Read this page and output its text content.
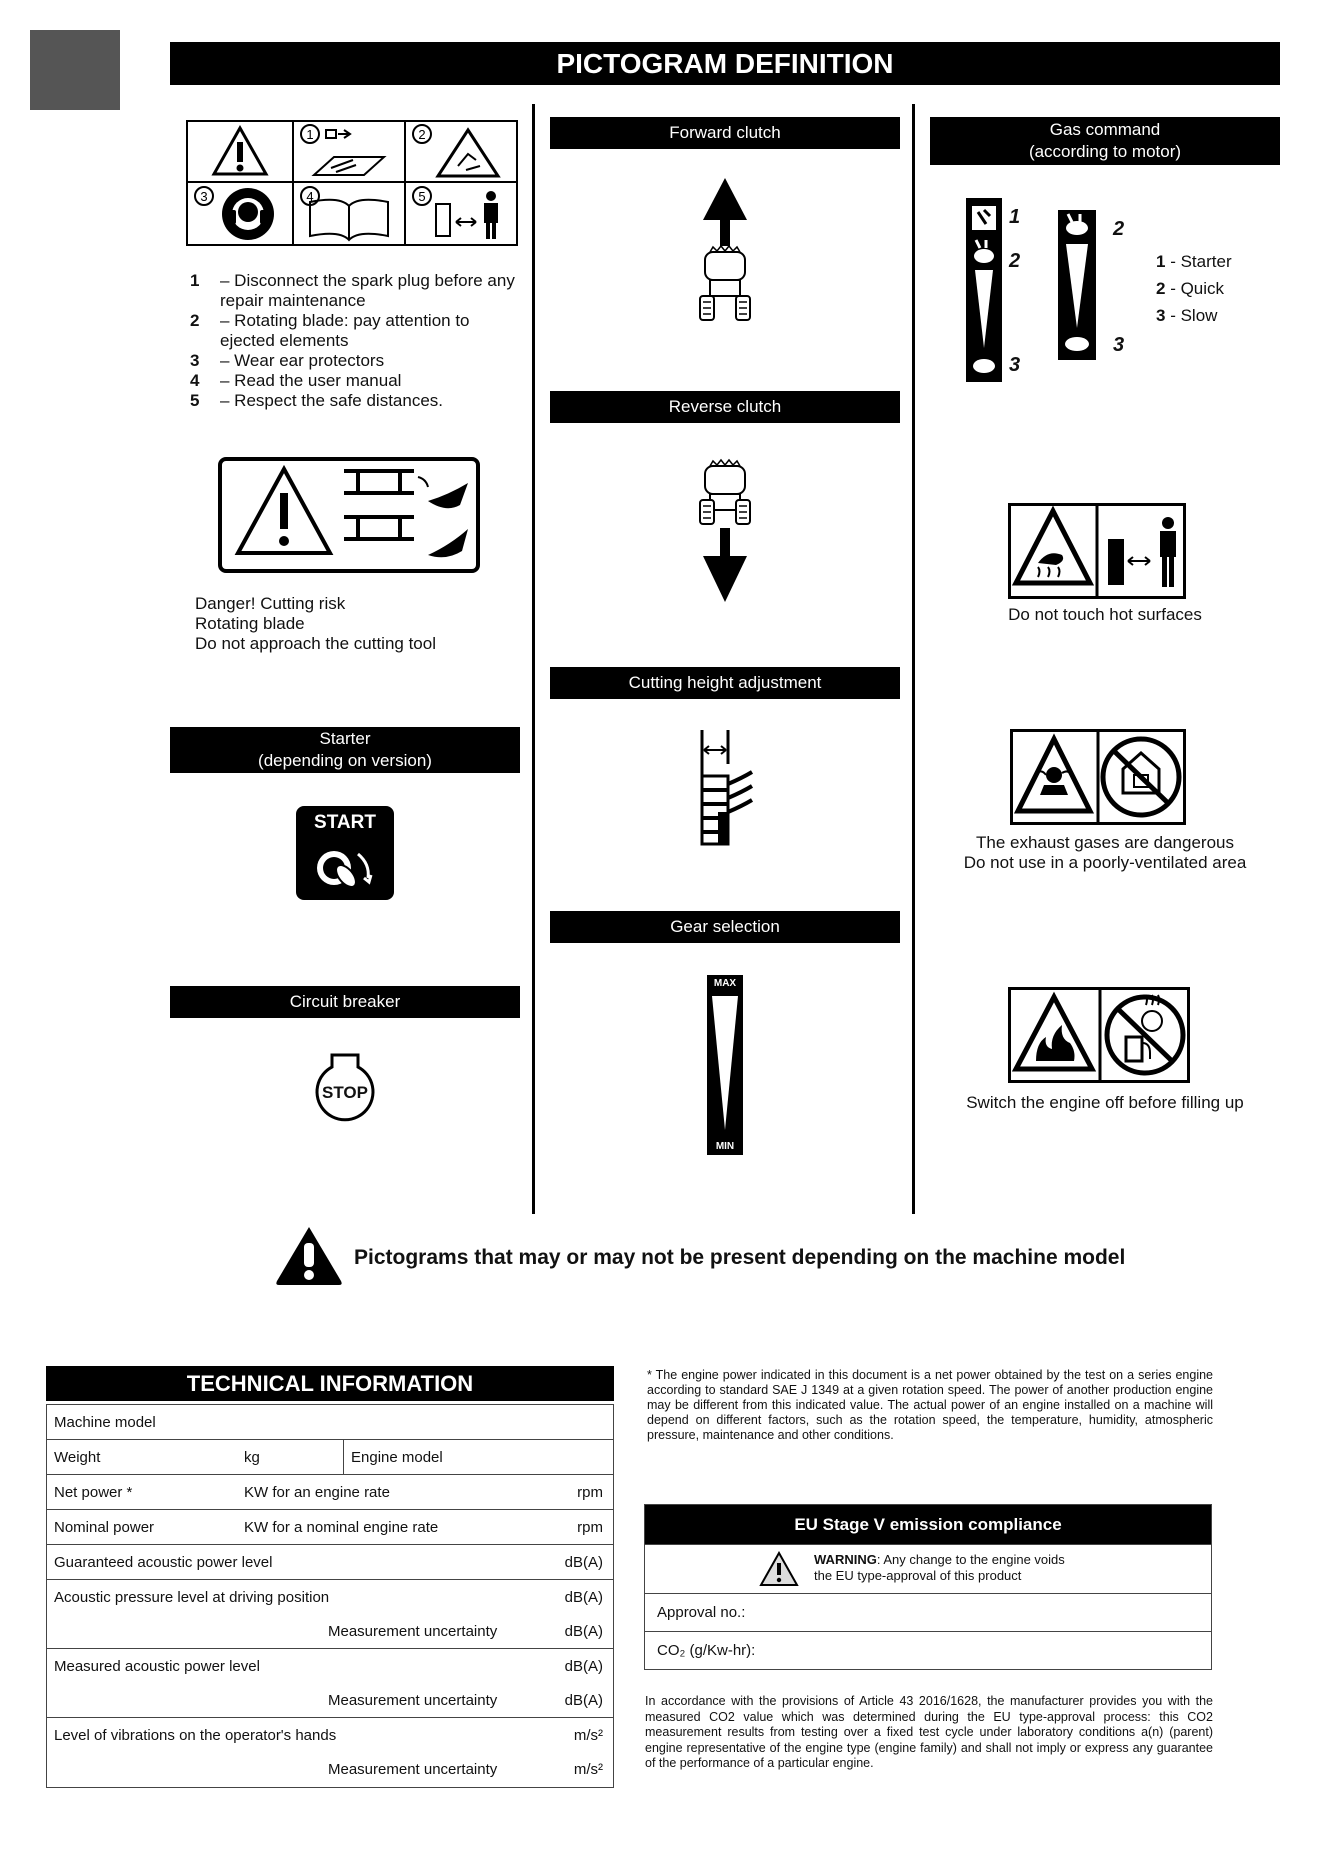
PICTOGRAM DEFINITION
1	2
3	4	5
1 – Disconnect the spark plug before any
repair maintenance
2 – Rotating blade: pay attention to
ejected elements
3 – Wear ear protectors
4 – Read the user manual
5 – Respect the safe distances.
Danger! Cutting risk
Rotating blade
Do not approach the cutting tool
Starter
(depending on version)
START
Circuit breaker
STOP
Forward clutch
Reverse clutch
Cutting height adjustment
Gear selection
MAX
MIN
Gas command
(according to motor)
1
2
3
2
3
1 - Starter
2 - Quick
3 - Slow
Do not touch hot surfaces
The exhaust gases are dangerous
Do not use in a poorly-ventilated area
Switch the engine off before filling up
Pictograms that may or may not be present depending on the machine model
TECHNICAL INFORMATION
Machine model
Weight	kg	Engine model
Net power *	KW for an engine rate	rpm
Nominal power	KW for a nominal engine rate	rpm
Guaranteed acoustic power level	dB(A)
Acoustic pressure level at driving position	dB(A)
Measurement uncertainty	dB(A)
Measured acoustic power level	dB(A)
Measurement uncertainty	dB(A)
Level of vibrations on the operator's hands	m/s²
Measurement uncertainty	m/s²
* The engine power indicated in this document is a net power obtained by the test on a series engine according to standard SAE J 1349 at a given rotation speed. The power of another production engine may be different from this indicated value. The actual power of an engine installed on a machine will depend on different factors, such as the rotation speed, the temperature, humidity, atmospheric pressure, maintenance and other conditions.
EU Stage V emission compliance
WARNING: Any change to the engine voids
the EU type-approval of this product
Approval no.:
CO₂ (g/Kw-hr):
In accordance with the provisions of Article 43 2016/1628, the manufacturer provides you with the measured CO2 value which was determined during the EU type-approval process: this CO2 measurement results from testing over a fixed test cycle under laboratory conditions a(n) (parent) engine representative of the engine type (engine family) and shall not imply or express any guarantee of the performance of a particular engine.
